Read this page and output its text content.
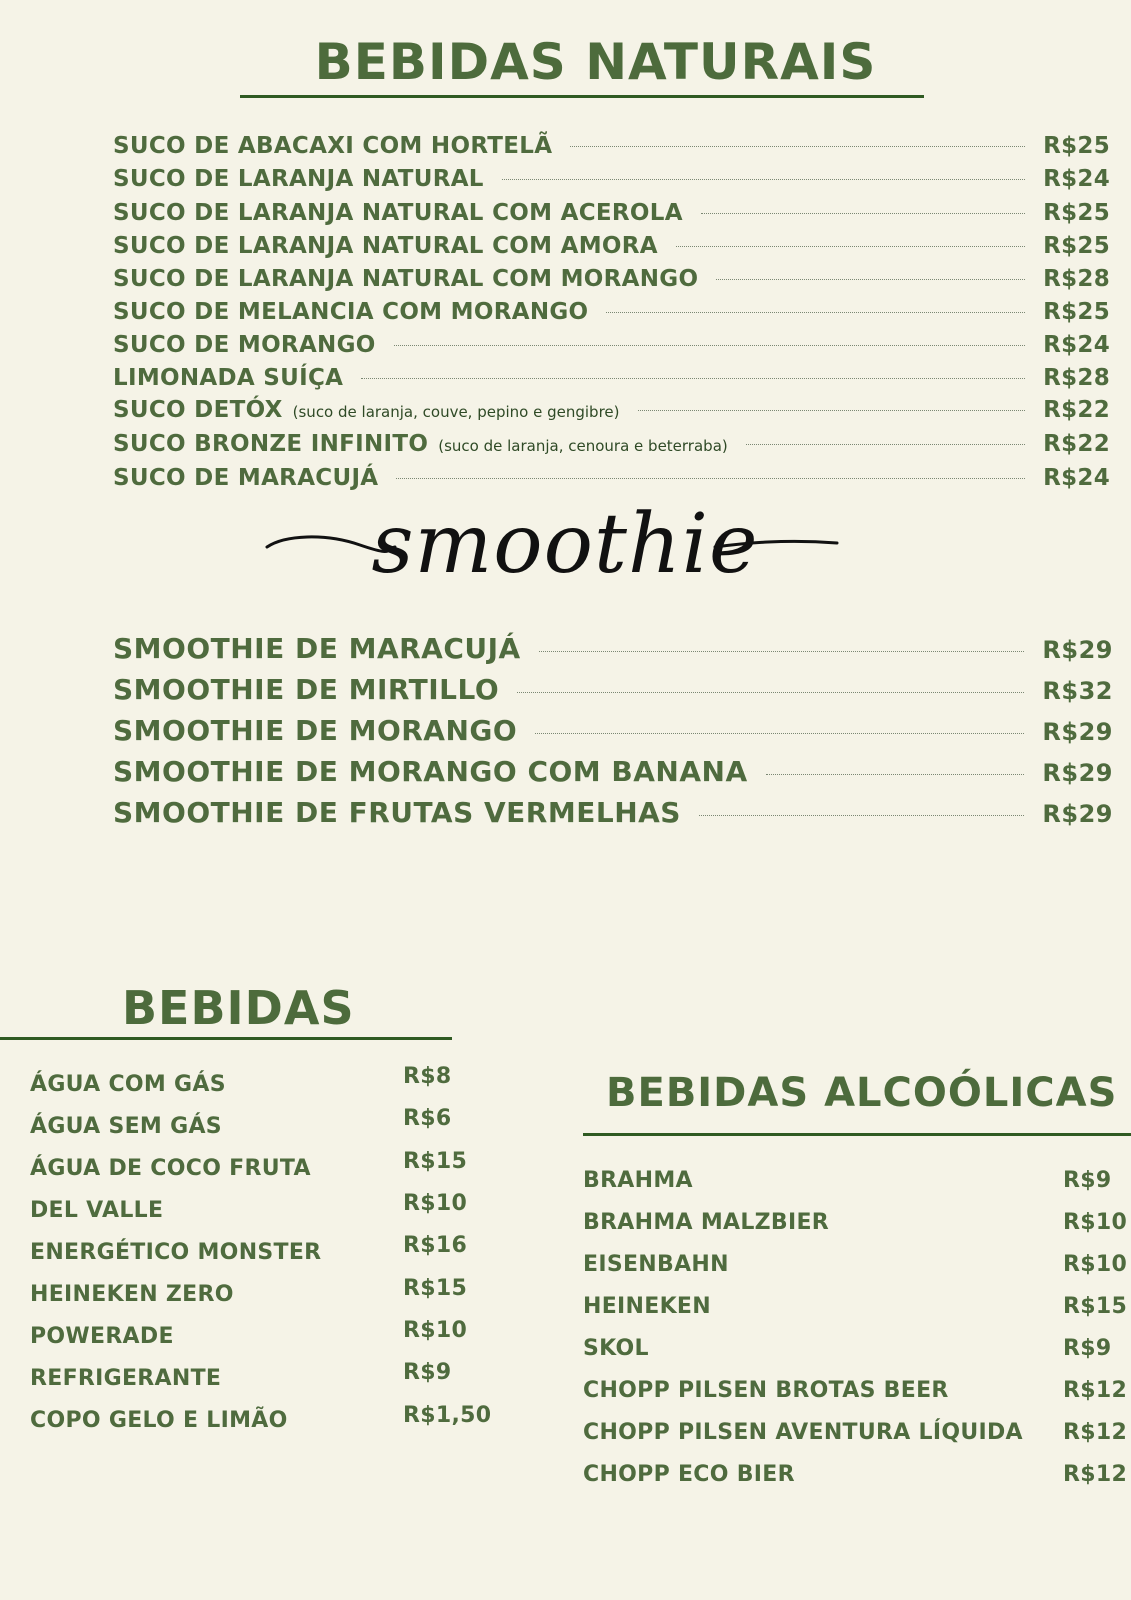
BEBIDAS NATURAIS
SUCO DE ABACAXI COM HORTELÃ	R$25
SUCO DE LARANJA NATURAL	R$24
SUCO DE LARANJA NATURAL COM ACEROLA	R$25
SUCO DE LARANJA NATURAL COM AMORA	R$25
SUCO DE LARANJA NATURAL COM MORANGO	R$28
SUCO DE MELANCIA COM MORANGO	R$25
SUCO DE MORANGO	R$24
LIMONADA SUÍÇA	R$28
SUCO DETÓX (suco de laranja, couve, pepino e gengibre)	R$22
SUCO BRONZE INFINITO (suco de laranja, cenoura e beterraba)	R$22
SUCO DE MARACUJÁ	R$24
smoothie
SMOOTHIE DE MARACUJÁ	R$29
SMOOTHIE DE MIRTILLO	R$32
SMOOTHIE DE MORANGO	R$29
SMOOTHIE DE MORANGO COM BANANA	R$29
SMOOTHIE DE FRUTAS VERMELHAS	R$29
BEBIDAS
ÁGUA COM GÁS	R$8
ÁGUA SEM GÁS	R$6
ÁGUA DE COCO FRUTA	R$15
DEL VALLE	R$10
ENERGÉTICO MONSTER	R$16
HEINEKEN ZERO	R$15
POWERADE	R$10
REFRIGERANTE	R$9
COPO GELO E LIMÃO	R$1,50
BEBIDAS ALCOÓLICAS
BRAHMA	R$9
BRAHMA MALZBIER	R$10
EISENBAHN	R$10
HEINEKEN	R$15
SKOL	R$9
CHOPP PILSEN BROTAS BEER	R$12
CHOPP PILSEN AVENTURA LÍQUIDA R$12
CHOPP ECO BIER	R$12
